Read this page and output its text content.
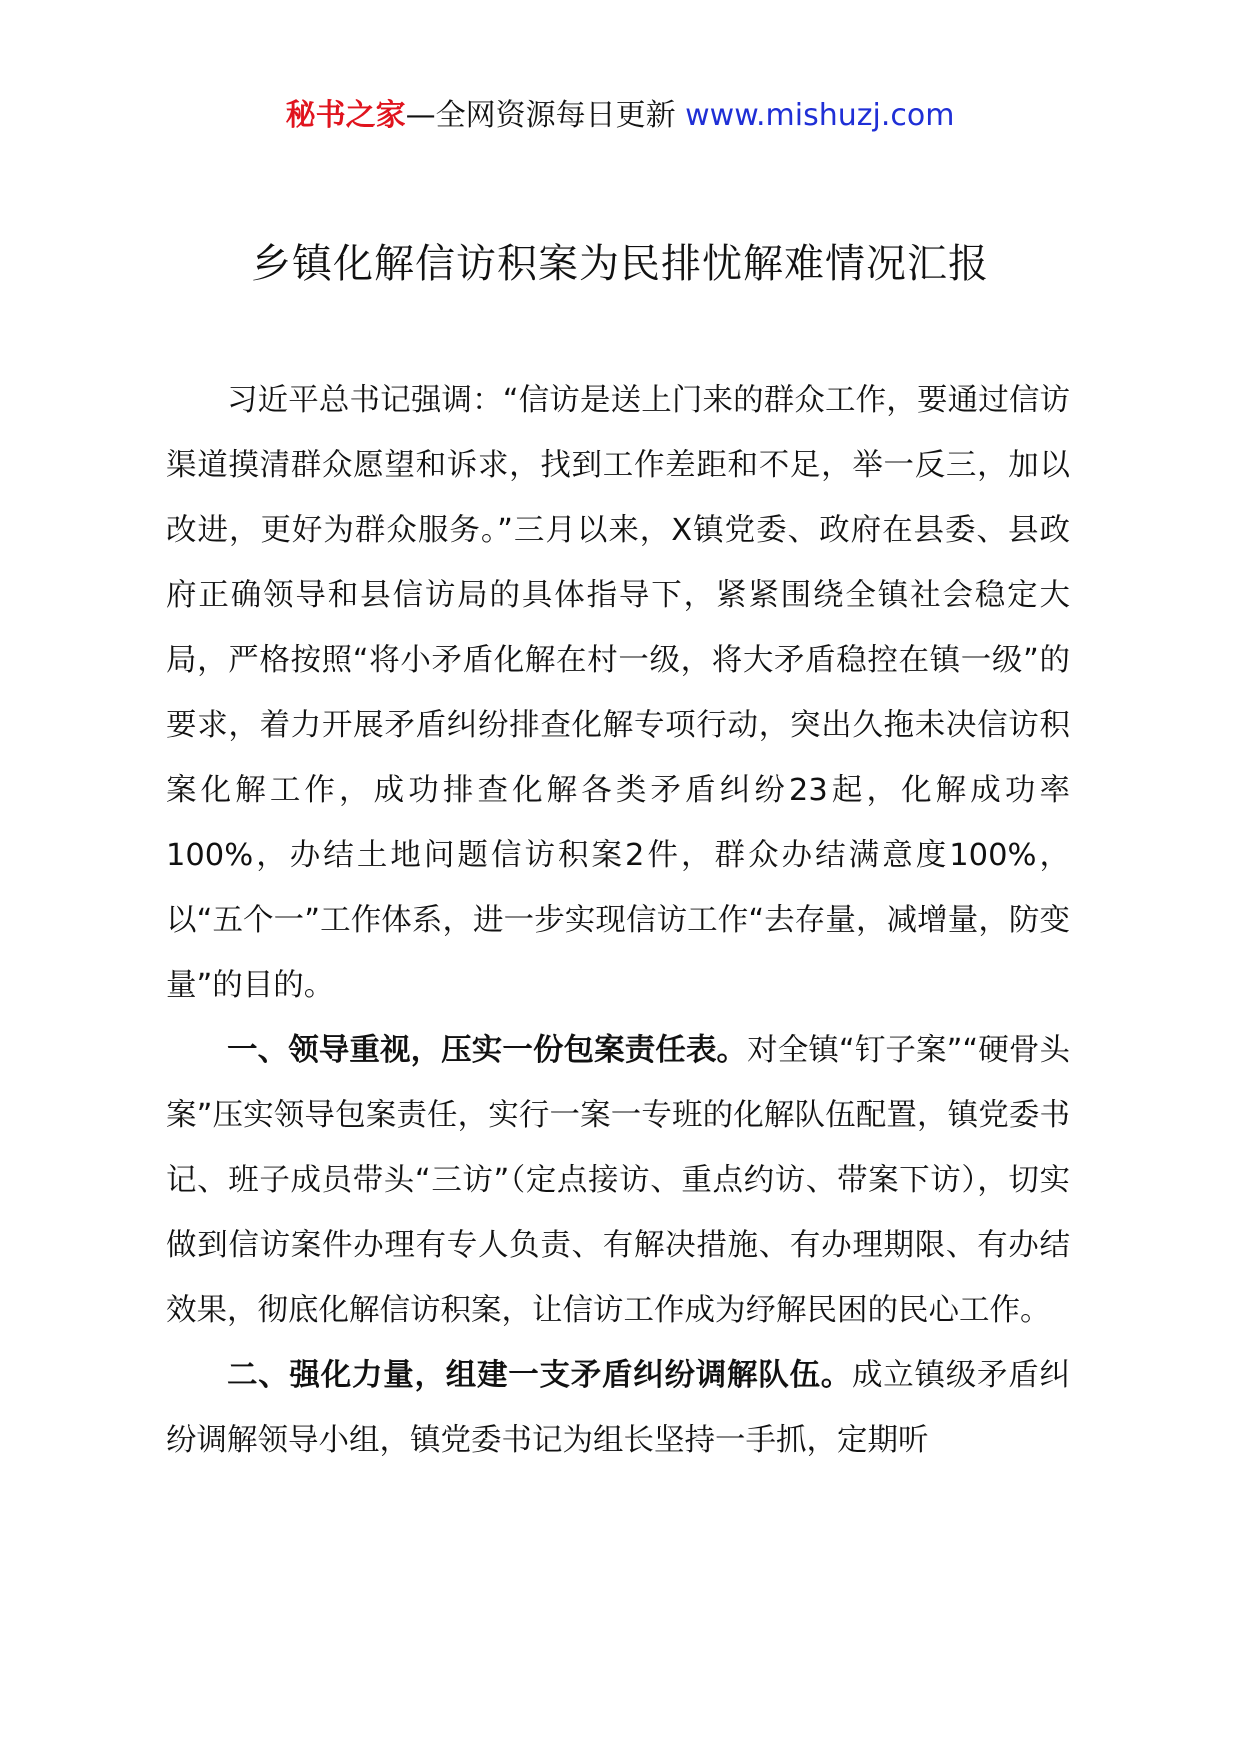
秘书之家—全网资源每日更新 www.mishuzj.com
乡镇化解信访积案为民排忧解难情况汇报

习近平总书记强调：“信访是送上门来的群众工作，要通过信访渠道摸清群众愿望和诉求，找到工作差距和不足，举一反三，加以改进，更好为群众服务。”三月以来，X镇党委、政府在县委、县政府正确领导和县信访局的具体指导下，紧紧围绕全镇社会稳定大局，严格按照“将小矛盾化解在村一级，将大矛盾稳控在镇一级”的要求，着力开展矛盾纠纷排查化解专项行动，突出久拖未决信访积案化解工作，成功排查化解各类矛盾纠纷23起，化解成功率100%，办结土地问题信访积案2件，群众办结满意度100%，以“五个一”工作体系，进一步实现信访工作“去存量，减增量，防变量”的目的。

一、领导重视，压实一份包案责任表。对全镇“钉子案”“硬骨头案”压实领导包案责任，实行一案一专班的化解队伍配置，镇党委书记、班子成员带头“三访”（定点接访、重点约访、带案下访），切实做到信访案件办理有专人负责、有解决措施、有办理期限、有办结效果，彻底化解信访积案，让信访工作成为纾解民困的民心工作。

二、强化力量，组建一支矛盾纠纷调解队伍。成立镇级矛盾纠纷调解领导小组，镇党委书记为组长坚持一手抓，定期听
